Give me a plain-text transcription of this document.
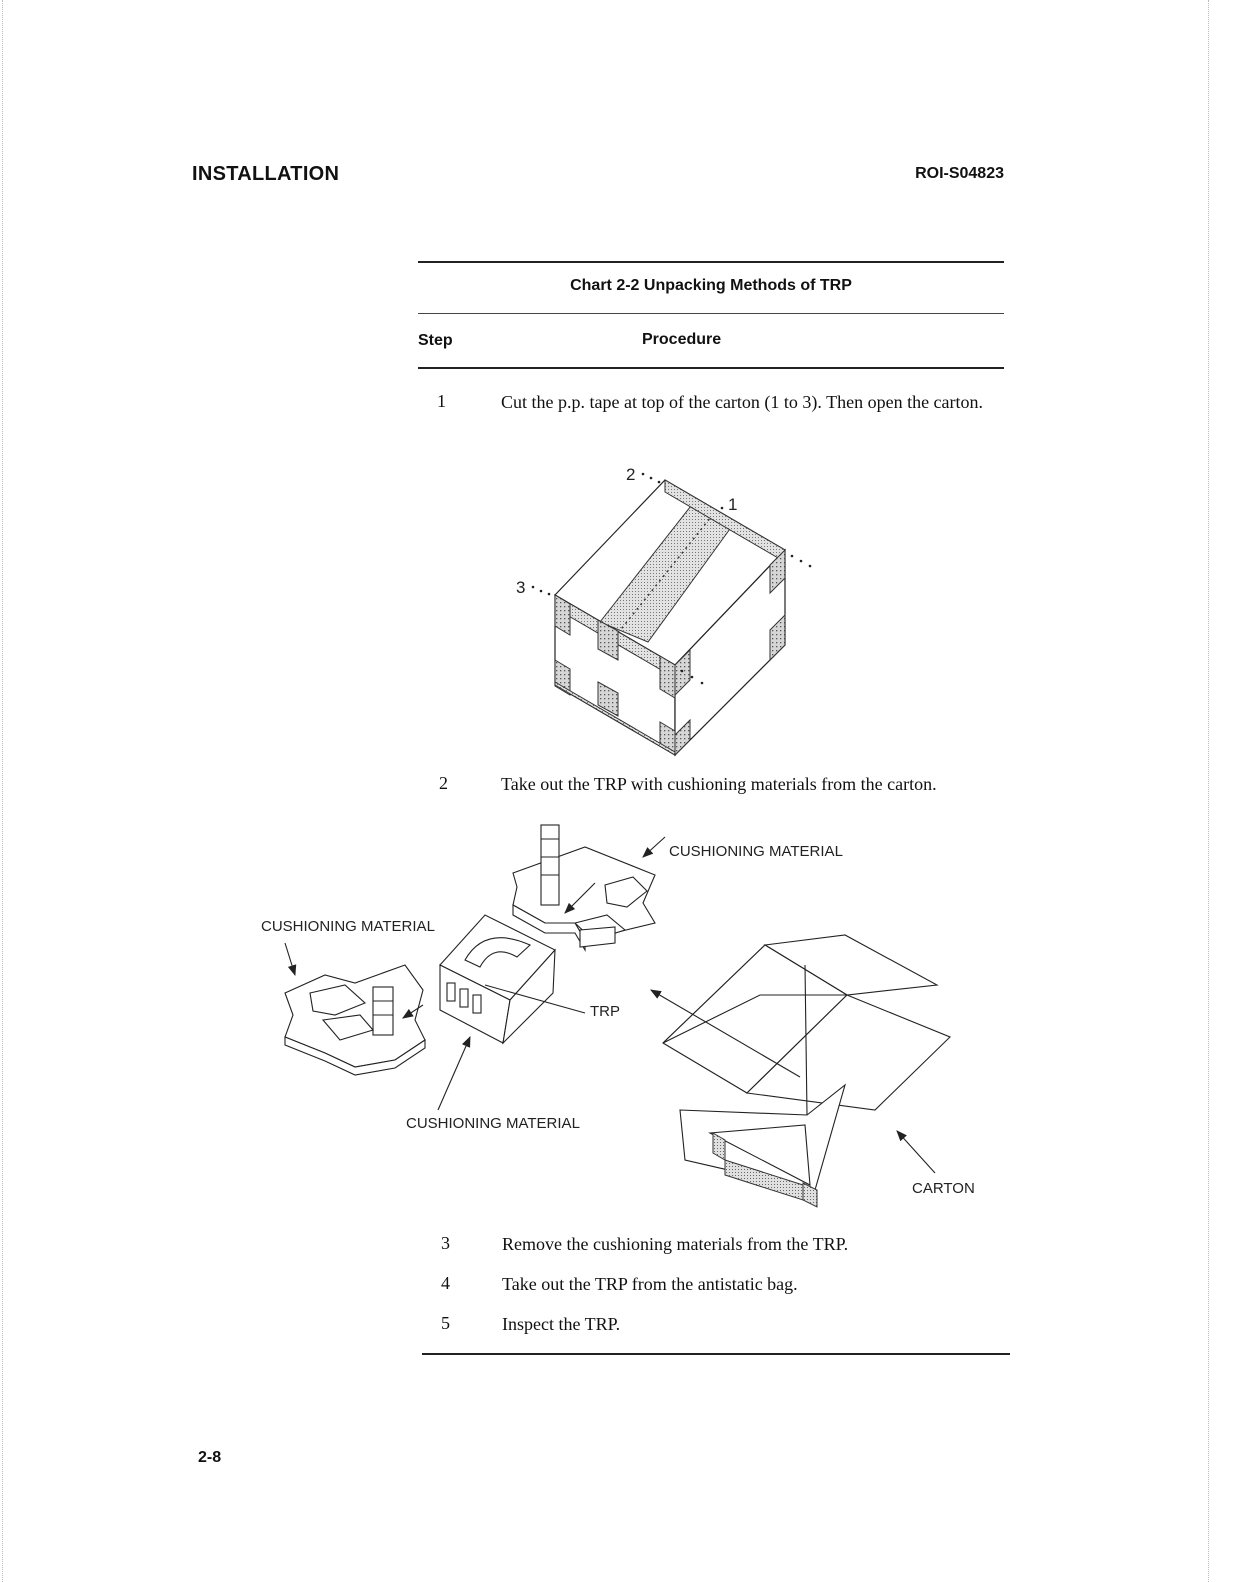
INSTALLATION	ROI-S04823
Chart 2-2 Unpacking Methods of TRP
Step	Procedure
1	Cut the p.p. tape at top of the carton (1 to 3). Then open the carton.
2
1
3
2	Take out the TRP with cushioning materials from the carton.
CUSHIONING MATERIAL
CUSHIONING MATERIAL
TRP
CUSHIONING MATERIAL
CARTON
3	Remove the cushioning materials from the TRP.
4	Take out the TRP from the antistatic bag.
5	Inspect the TRP.
2-8
